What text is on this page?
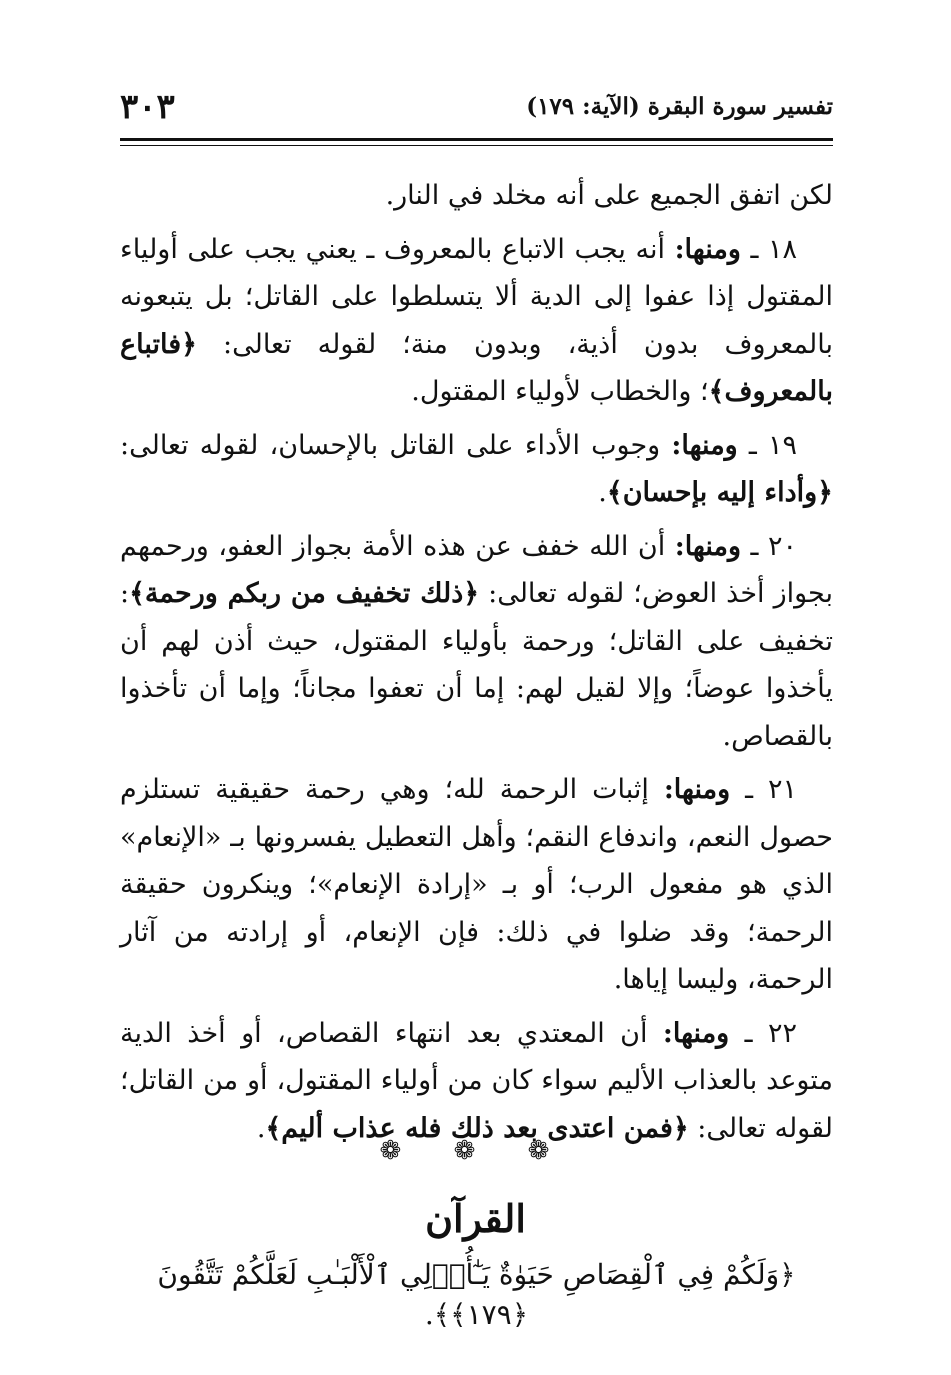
تفسير سورة البقرة (الآية: ١٧٩)
٣٠٣

لكن اتفق الجميع على أنه مخلد في النار.

١٨ ـ ومنها: أنه يجب الاتباع بالمعروف ـ يعني يجب على أولياء المقتول إذا عفوا إلى الدية ألا يتسلطوا على القاتل؛ بل يتبعونه بالمعروف بدون أذية، وبدون منة؛ لقوله تعالى: ﴿فاتباع بالمعروف﴾؛ والخطاب لأولياء المقتول.

١٩ ـ ومنها: وجوب الأداء على القاتل بالإحسان، لقوله تعالى: ﴿وأداء إليه بإحسان﴾.

٢٠ ـ ومنها: أن الله خفف عن هذه الأمة بجواز العفو، ورحمهم بجواز أخذ العوض؛ لقوله تعالى: ﴿ذلك تخفيف من ربكم ورحمة﴾: تخفيف على القاتل؛ ورحمة بأولياء المقتول، حيث أذن لهم أن يأخذوا عوضاً؛ وإلا لقيل لهم: إما أن تعفوا مجاناً؛ وإما أن تأخذوا بالقصاص.

٢١ ـ ومنها: إثبات الرحمة لله؛ وهي رحمة حقيقية تستلزم حصول النعم، واندفاع النقم؛ وأهل التعطيل يفسرونها بـ «الإنعام» الذي هو مفعول الرب؛ أو بـ «إرادة الإنعام»؛ وينكرون حقيقة الرحمة؛ وقد ضلوا في ذلك: فإن الإنعام، أو إرادته من آثار الرحمة، وليسا إياها.

٢٢ ـ ومنها: أن المعتدي بعد انتهاء القصاص، أو أخذ الدية متوعد بالعذاب الأليم سواء كان من أولياء المقتول، أو من القاتل؛ لقوله تعالى: ﴿فمن اعتدى بعد ذلك فله عذاب أليم﴾.

❁ ❁ ❁
القرآن
﴿وَلَكُمْ فِي ٱلْقِصَاصِ حَيَوٰةٌ يَـٰٓأُو۟لِي ٱلْأَلْبَـٰبِ لَعَلَّكُمْ تَتَّقُونَ ﴿١٧٩﴾﴾.
